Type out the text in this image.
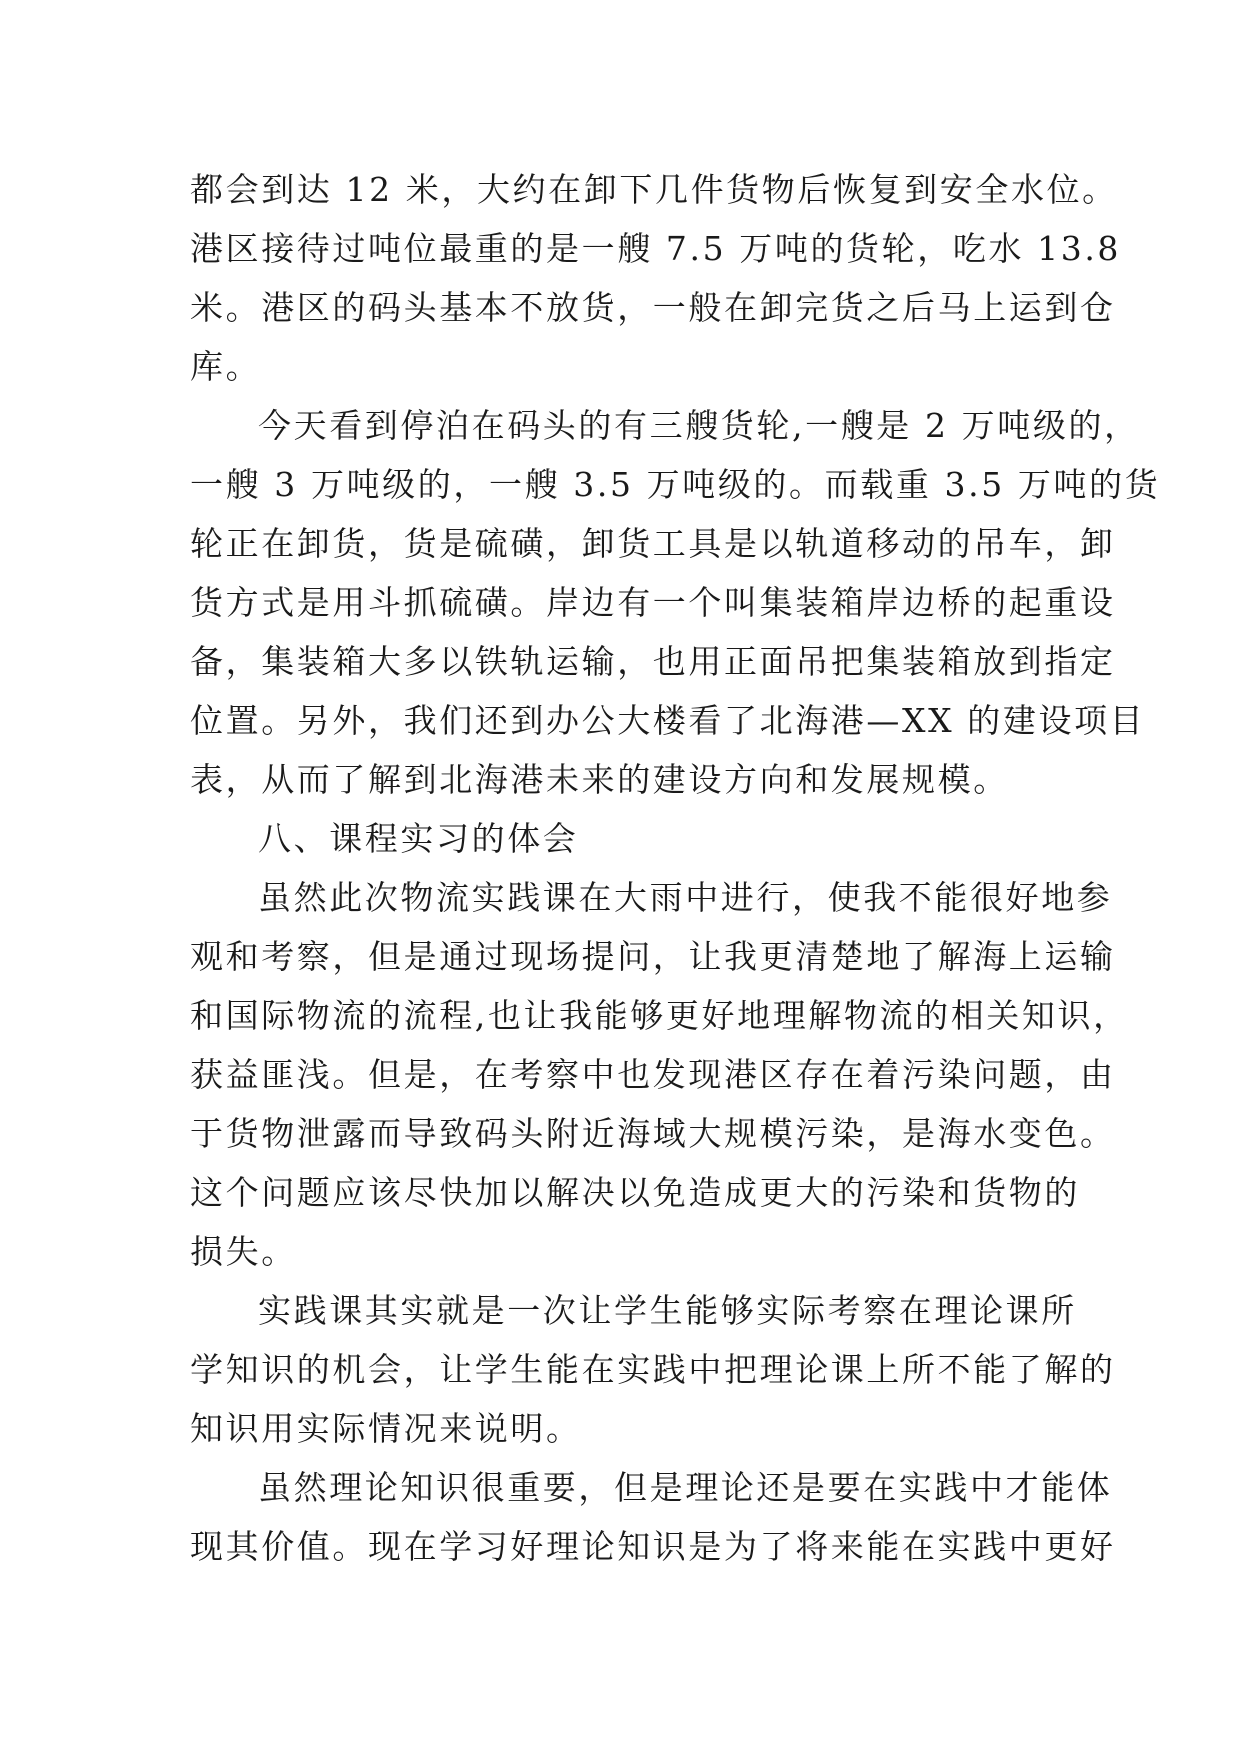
都会到达 12 米，大约在卸下几件货物后恢复到安全水位。
港区接待过吨位最重的是一艘 7.5 万吨的货轮，吃水 13.8
米。港区的码头基本不放货，一般在卸完货之后马上运到仓
库。
今天看到停泊在码头的有三艘货轮,一艘是 2 万吨级的，
一艘 3 万吨级的，一艘 3.5 万吨级的。而载重 3.5 万吨的货
轮正在卸货，货是硫磺，卸货工具是以轨道移动的吊车，卸
货方式是用斗抓硫磺。岸边有一个叫集装箱岸边桥的起重设
备，集装箱大多以铁轨运输，也用正面吊把集装箱放到指定
位置。另外，我们还到办公大楼看了北海港—XX 的建设项目
表，从而了解到北海港未来的建设方向和发展规模。
八、课程实习的体会
虽然此次物流实践课在大雨中进行，使我不能很好地参
观和考察，但是通过现场提问，让我更清楚地了解海上运输
和国际物流的流程,也让我能够更好地理解物流的相关知识，
获益匪浅。但是，在考察中也发现港区存在着污染问题，由
于货物泄露而导致码头附近海域大规模污染，是海水变色。
这个问题应该尽快加以解决以免造成更大的污染和货物的
损失。
实践课其实就是一次让学生能够实际考察在理论课所
学知识的机会，让学生能在实践中把理论课上所不能了解的
知识用实际情况来说明。
虽然理论知识很重要，但是理论还是要在实践中才能体
现其价值。现在学习好理论知识是为了将来能在实践中更好
